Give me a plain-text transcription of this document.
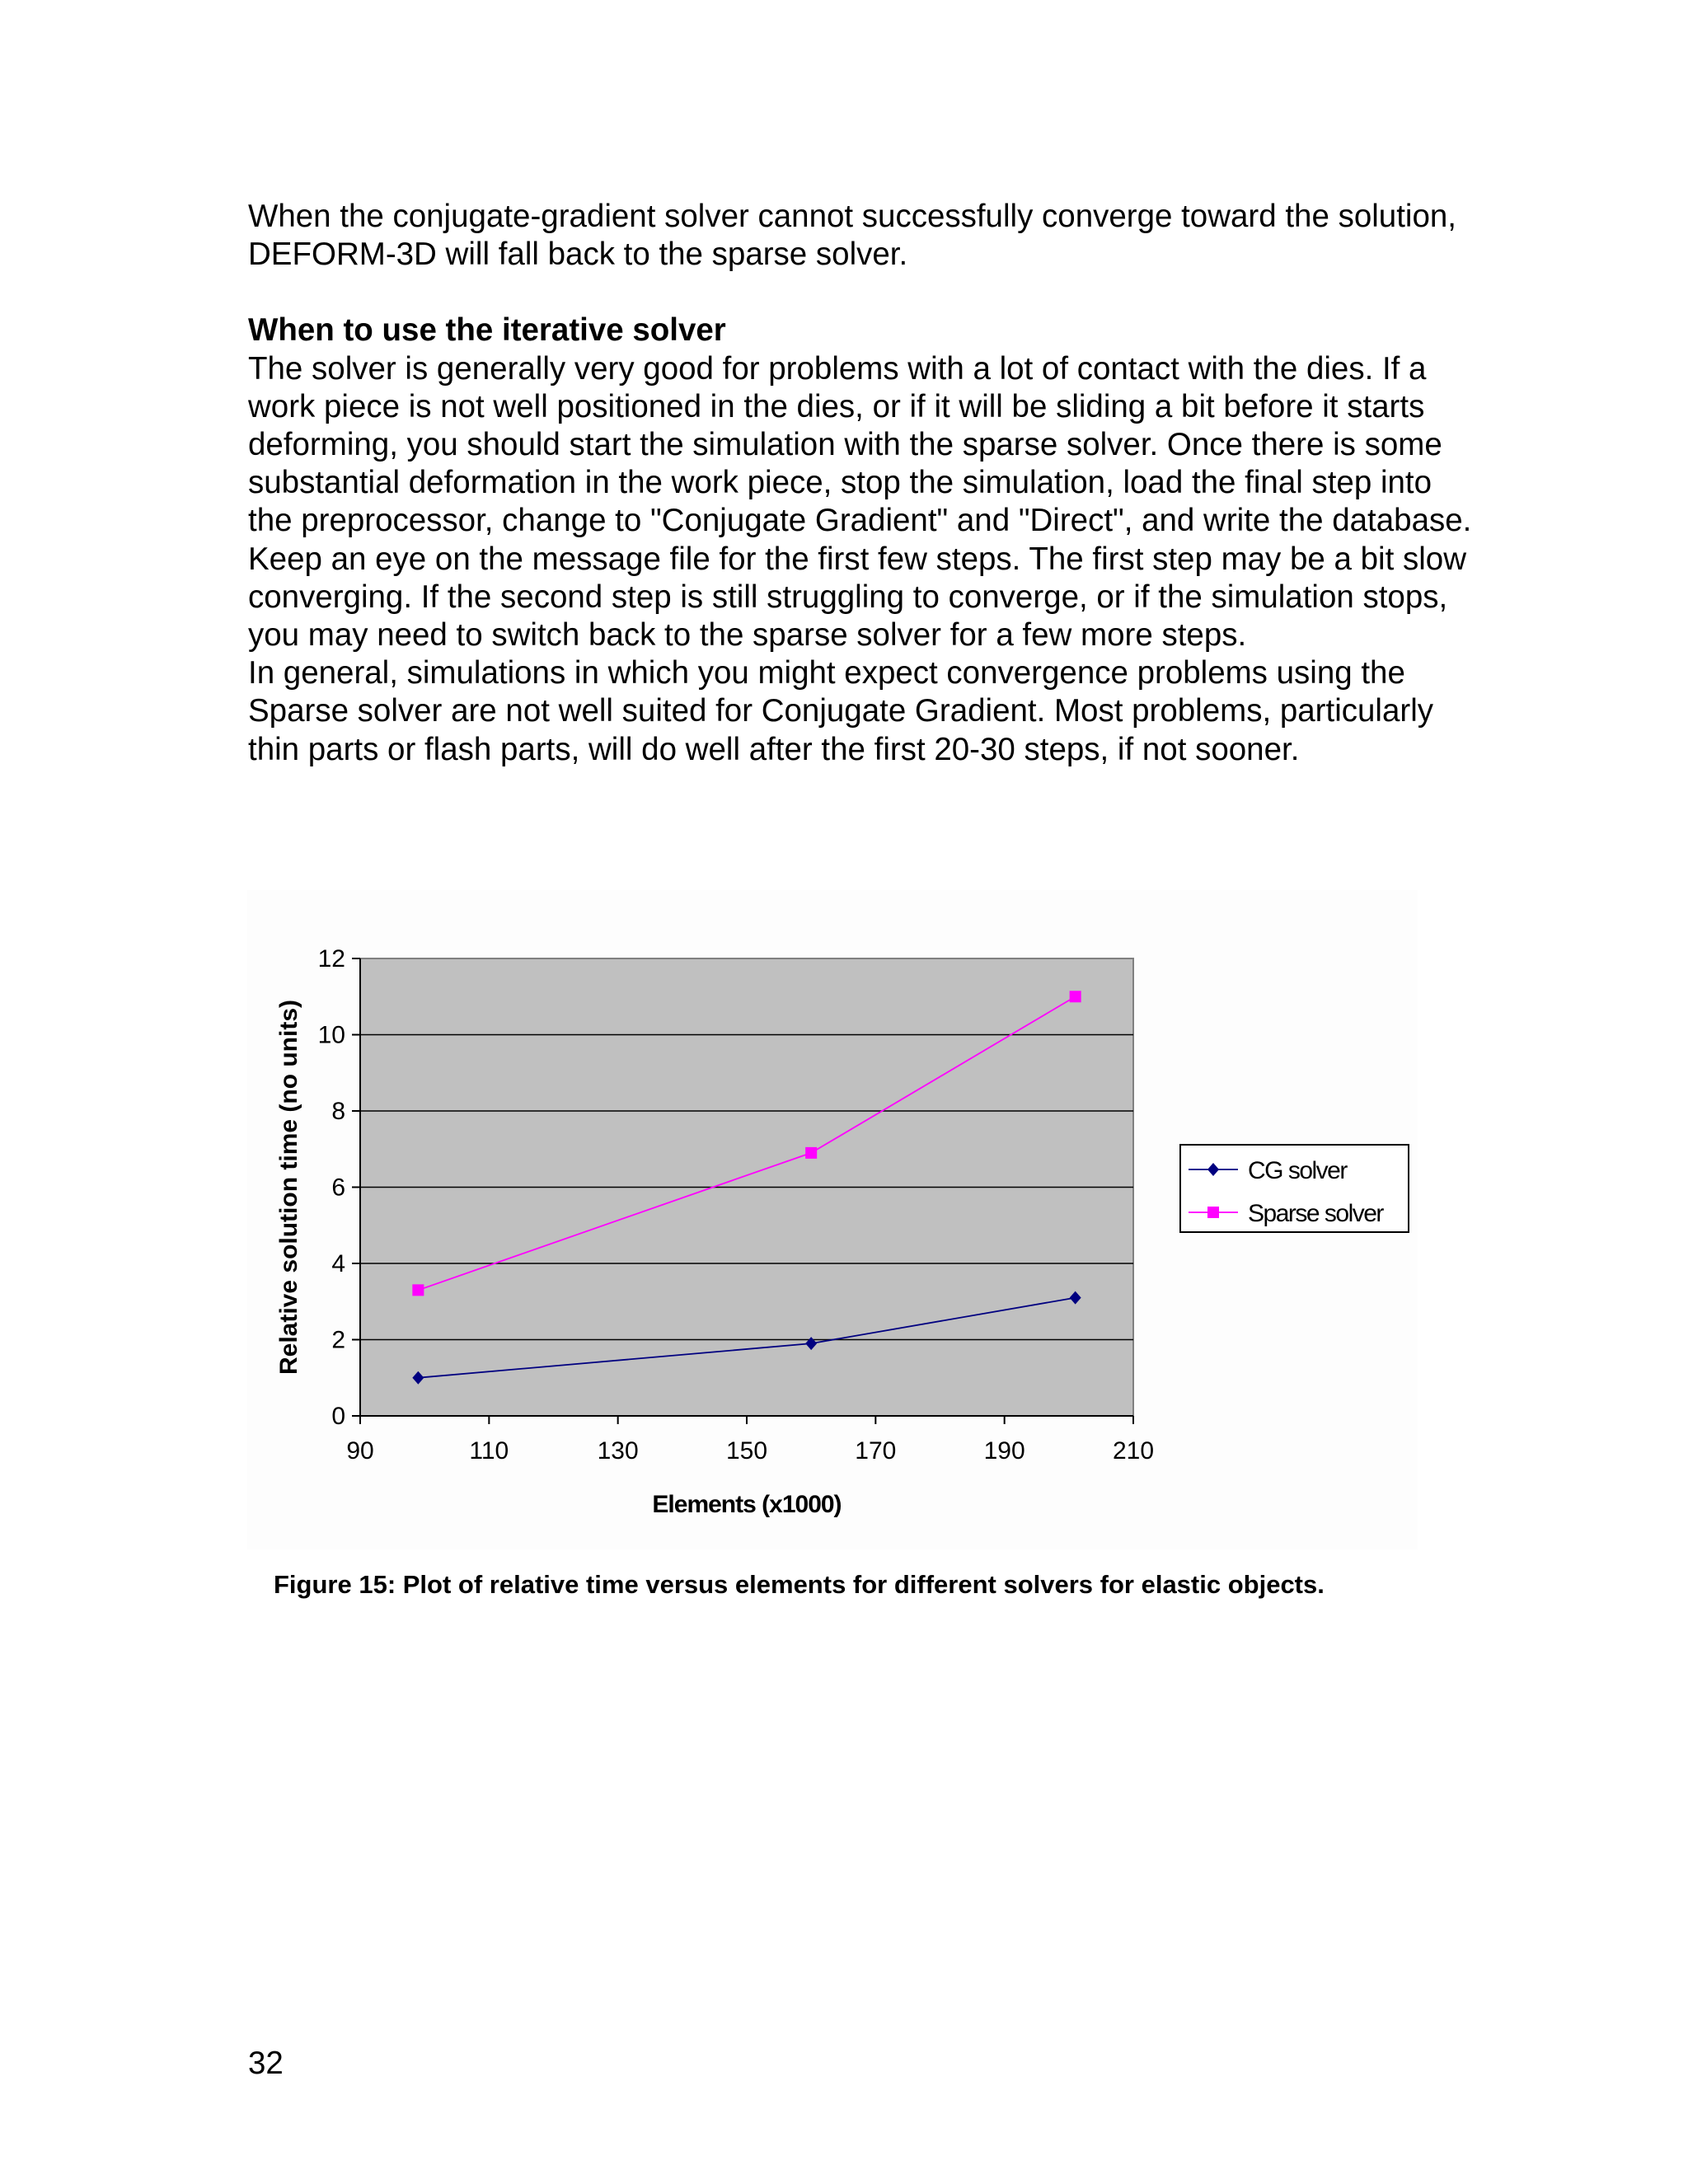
When the conjugate-gradient solver cannot successfully converge toward the solution, DEFORM-3D will fall back to the sparse solver.

When to use the iterative solver

The solver is generally very good for problems with a lot of contact with the dies. If a work piece is not well positioned in the dies, or if it will be sliding a bit before it starts deforming, you should start the simulation with the sparse solver. Once there is some substantial deformation in the work piece, stop the simulation, load the final step into the preprocessor, change to "Conjugate Gradient" and "Direct", and write the database.

Keep an eye on the message file for the first few steps. The first step may be a bit slow converging. If the second step is still struggling to converge, or if the simulation stops, you may need to switch back to the sparse solver for a few more steps.

In general, simulations in which you might expect convergence problems using the Sparse solver are not well suited for Conjugate Gradient. Most problems, particularly thin parts or flash parts, will do well after the first 20-30 steps, if not sooner.

0
2
4
6
8
10
12
90	110	130	150	170	190	210
Elements (x1000)
Relative solution time (no units)	CG solver
Sparse solver
Figure 15: Plot of relative time versus elements for different solvers for elastic objects.
32
